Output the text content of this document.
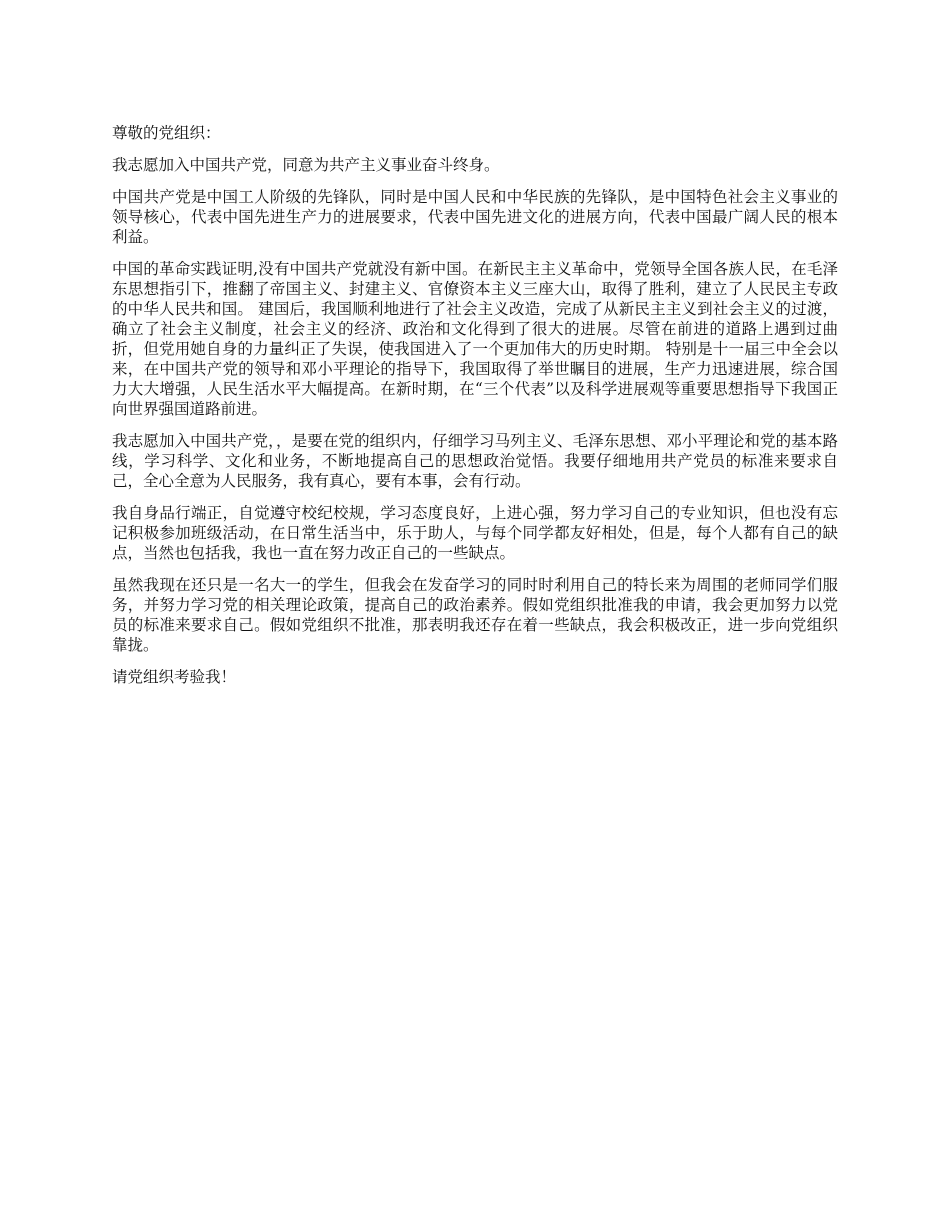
尊敬的党组织：

我志愿加入中国共产党，同意为共产主义事业奋斗终身。

中国共产党是中国工人阶级的先锋队，同时是中国人民和中华民族的先锋队，是中国特色社会主义事业的领导核心，代表中国先进生产力的进展要求，代表中国先进文化的进展方向，代表中国最广阔人民的根本利益。

中国的革命实践证明,没有中国共产党就没有新中国。在新民主主义革命中，党领导全国各族人民，在毛泽东思想指引下，推翻了帝国主义、封建主义、官僚资本主义三座大山，取得了胜利，建立了人民民主专政的中华人民共和国。 建国后，我国顺利地进行了社会主义改造，完成了从新民主主义到社会主义的过渡，确立了社会主义制度，社会主义的经济、政治和文化得到了很大的进展。尽管在前进的道路上遇到过曲折，但党用她自身的力量纠正了失误，使我国进入了一个更加伟大的历史时期。 特别是十一届三中全会以来，在中国共产党的领导和邓小平理论的指导下，我国取得了举世瞩目的进展，生产力迅速进展，综合国力大大增强，人民生活水平大幅提高。在新时期，在“三个代表”以及科学进展观等重要思想指导下我国正向世界强国道路前进。

我志愿加入中国共产党，，是要在党的组织内，仔细学习马列主义、毛泽东思想、邓小平理论和党的基本路线，学习科学、文化和业务，不断地提高自己的思想政治觉悟。我要仔细地用共产党员的标准来要求自己，全心全意为人民服务，我有真心，要有本事，会有行动。

我自身品行端正，自觉遵守校纪校规，学习态度良好，上进心强，努力学习自己的专业知识，但也没有忘记积极参加班级活动，在日常生活当中，乐于助人，与每个同学都友好相处，但是，每个人都有自己的缺点，当然也包括我，我也一直在努力改正自己的一些缺点。

虽然我现在还只是一名大一的学生，但我会在发奋学习的同时时利用自己的特长来为周围的老师同学们服务，并努力学习党的相关理论政策，提高自己的政治素养。假如党组织批准我的申请，我会更加努力以党员的标准来要求自己。假如党组织不批准，那表明我还存在着一些缺点，我会积极改正，进一步向党组织靠拢。

请党组织考验我！
